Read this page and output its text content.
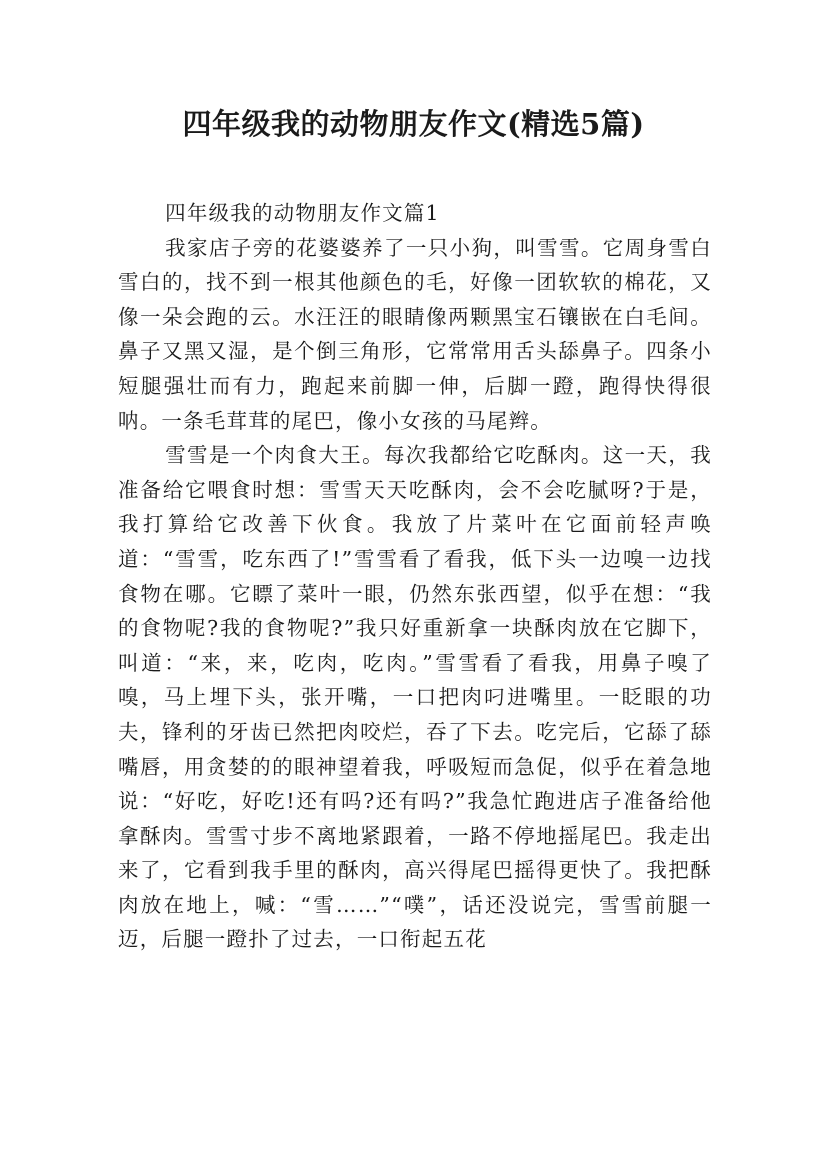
四年级我的动物朋友作文(精选5篇)
四年级我的动物朋友作文篇1

我家店子旁的花婆婆养了一只小狗，叫雪雪。它周身雪白雪白的，找不到一根其他颜色的毛，好像一团软软的棉花，又像一朵会跑的云。水汪汪的眼睛像两颗黑宝石镶嵌在白毛间。鼻子又黑又湿，是个倒三角形，它常常用舌头舔鼻子。四条小短腿强壮而有力，跑起来前脚一伸，后脚一蹬，跑得快得很呐。一条毛茸茸的尾巴，像小女孩的马尾辫。

雪雪是一个肉食大王。每次我都给它吃酥肉。这一天，我准备给它喂食时想：雪雪天天吃酥肉，会不会吃腻呀?于是，我打算给它改善下伙食。我放了片菜叶在它面前轻声唤道：“雪雪，吃东西了!”雪雪看了看我，低下头一边嗅一边找食物在哪。它瞟了菜叶一眼，仍然东张西望，似乎在想：“我的食物呢?我的食物呢?”我只好重新拿一块酥肉放在它脚下，叫道：“来，来，吃肉，吃肉。”雪雪看了看我，用鼻子嗅了嗅，马上埋下头，张开嘴，一口把肉叼进嘴里。一眨眼的功夫，锋利的牙齿已然把肉咬烂，吞了下去。吃完后，它舔了舔嘴唇，用贪婪的的眼神望着我，呼吸短而急促，似乎在着急地说：“好吃，好吃!还有吗?还有吗?”我急忙跑进店子准备给他拿酥肉。雪雪寸步不离地紧跟着，一路不停地摇尾巴。我走出来了，它看到我手里的酥肉，高兴得尾巴摇得更快了。我把酥肉放在地上，喊：“雪……”“噗”，话还没说完，雪雪前腿一迈，后腿一蹬扑了过去，一口衔起五花
